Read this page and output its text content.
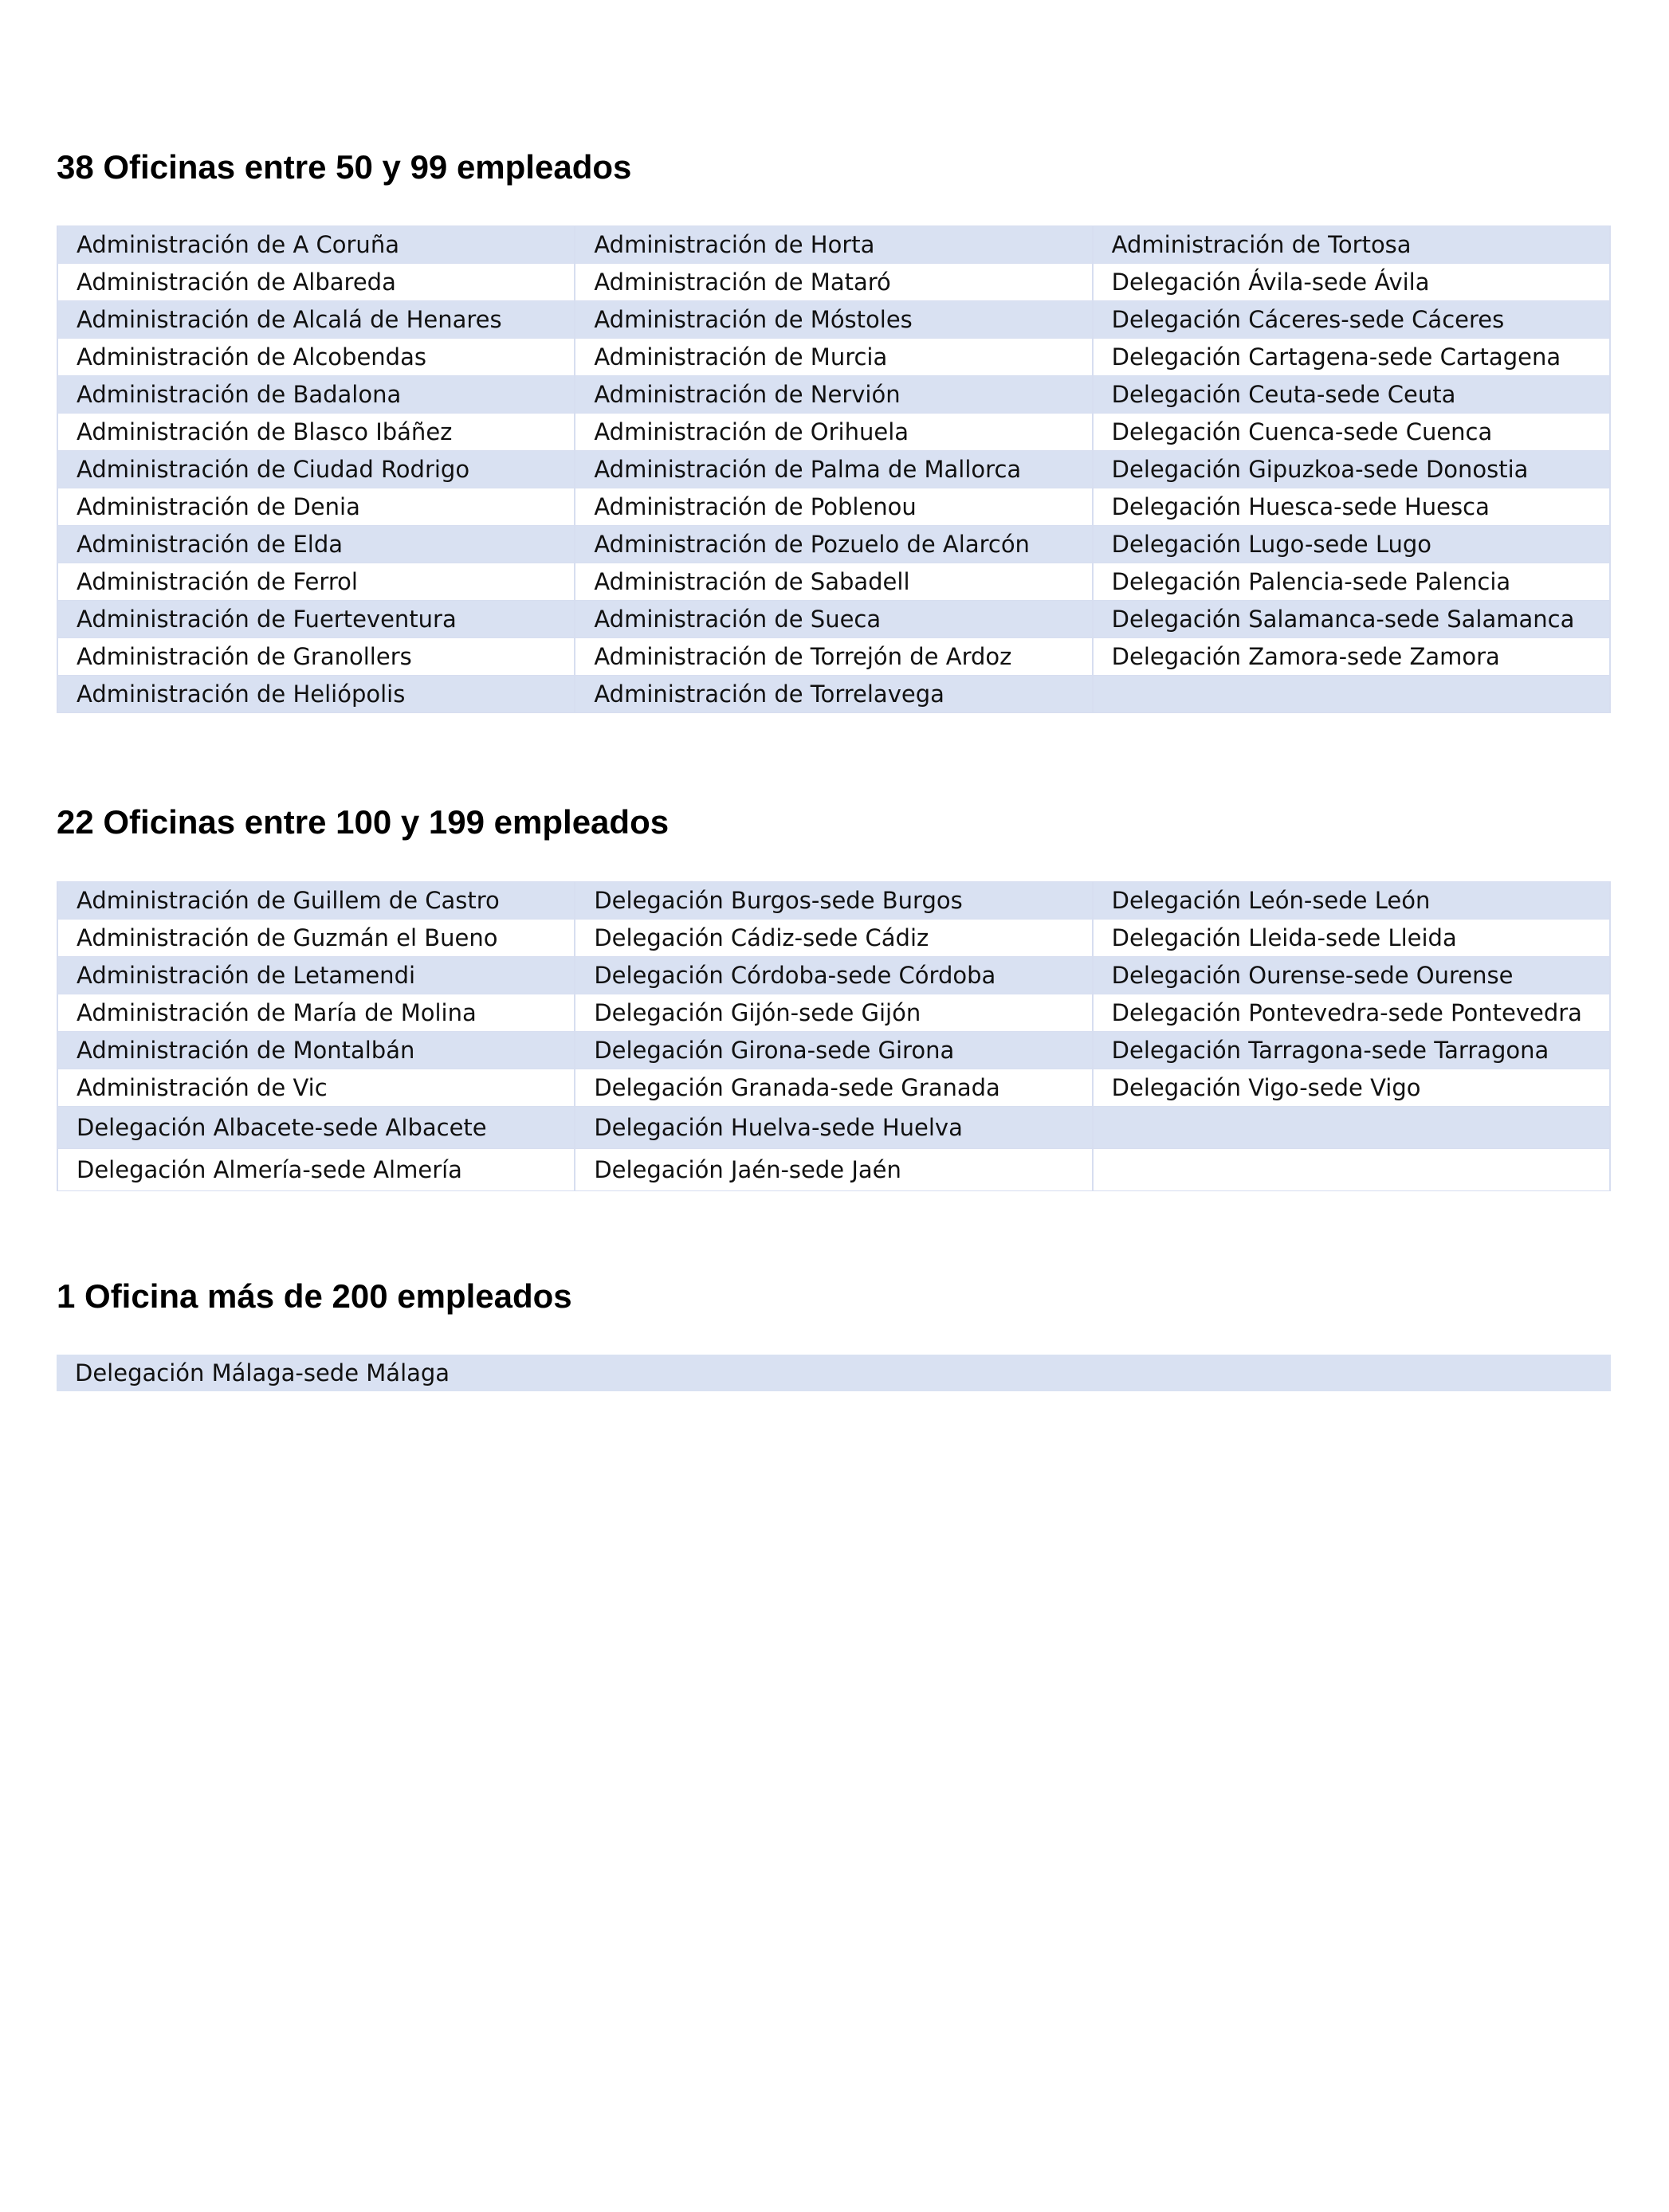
38 Oficinas entre 50 y 99 empleados
Administración de A Coruña	Administración de Horta	Administración de Tortosa
Administración de Albareda	Administración de Mataró	Delegación Ávila-sede Ávila
Administración de Alcalá de Henares	Administración de Móstoles	Delegación Cáceres-sede Cáceres
Administración de Alcobendas	Administración de Murcia	Delegación Cartagena-sede Cartagena
Administración de Badalona	Administración de Nervión	Delegación Ceuta-sede Ceuta
Administración de Blasco Ibáñez	Administración de Orihuela	Delegación Cuenca-sede Cuenca
Administración de Ciudad Rodrigo	Administración de Palma de Mallorca	Delegación Gipuzkoa-sede Donostia
Administración de Denia	Administración de Poblenou	Delegación Huesca-sede Huesca
Administración de Elda	Administración de Pozuelo de Alarcón	Delegación Lugo-sede Lugo
Administración de Ferrol	Administración de Sabadell	Delegación Palencia-sede Palencia
Administración de Fuerteventura	Administración de Sueca	Delegación Salamanca-sede Salamanca
Administración de Granollers	Administración de Torrejón de Ardoz	Delegación Zamora-sede Zamora
Administración de Heliópolis	Administración de Torrelavega	
22 Oficinas entre 100 y 199 empleados
Administración de Guillem de Castro	Delegación Burgos-sede Burgos	Delegación León-sede León
Administración de Guzmán el Bueno	Delegación Cádiz-sede Cádiz	Delegación Lleida-sede Lleida
Administración de Letamendi	Delegación Córdoba-sede Córdoba	Delegación Ourense-sede Ourense
Administración de María de Molina	Delegación Gijón-sede Gijón	Delegación Pontevedra-sede Pontevedra
Administración de Montalbán	Delegación Girona-sede Girona	Delegación Tarragona-sede Tarragona
Administración de Vic	Delegación Granada-sede Granada	Delegación Vigo-sede Vigo
Delegación Albacete-sede Albacete	Delegación Huelva-sede Huelva	
Delegación Almería-sede Almería	Delegación Jaén-sede Jaén	
1 Oficina más de 200 empleados
Delegación Málaga-sede Málaga
